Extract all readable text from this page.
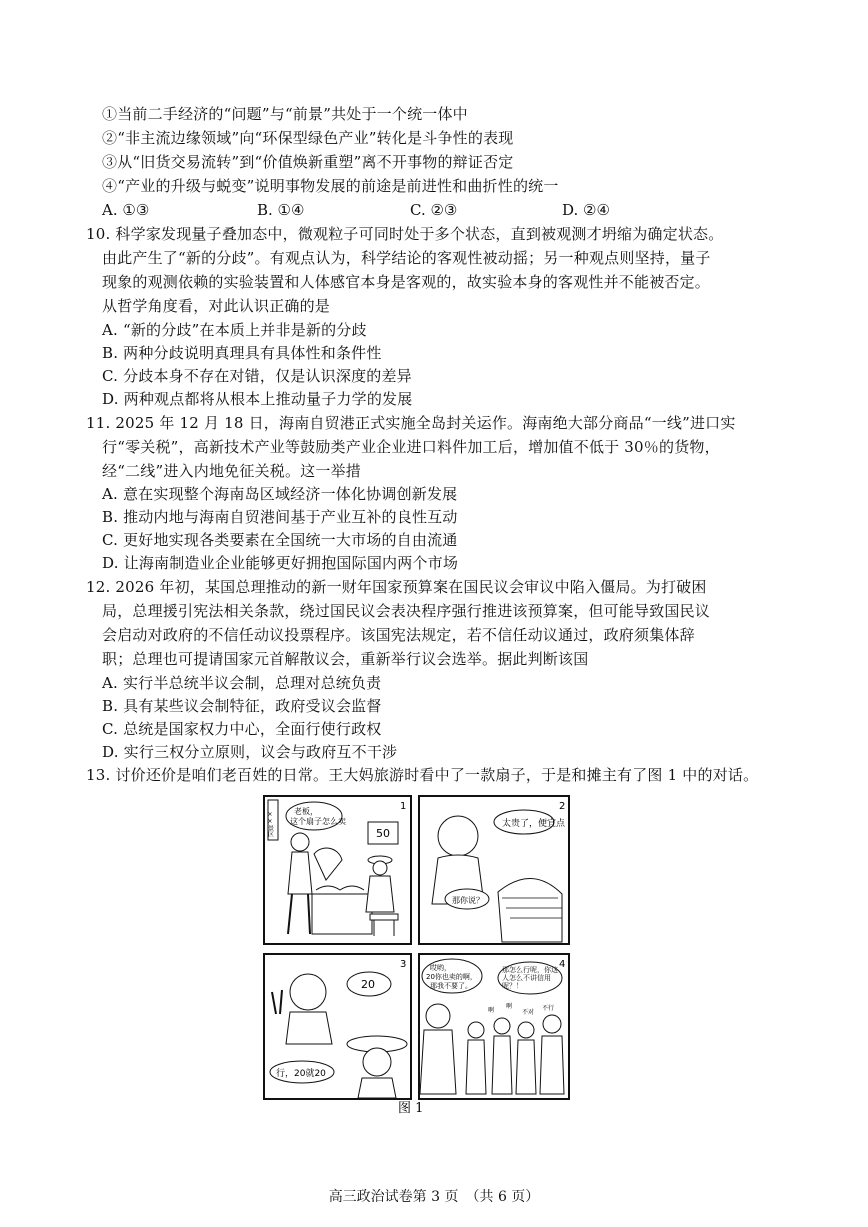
①当前二手经济的“问题”与“前景”共处于一个统一体中
②“非主流边缘领域”向“环保型绿色产业”转化是斗争性的表现
③从“旧货交易流转”到“价值焕新重塑”离不开事物的辩证否定
④“产业的升级与蜕变”说明事物发展的前途是前进性和曲折性的统一
A. ①③	B. ①④	C. ②③	D. ②④
10. 科学家发现量子叠加态中，微观粒子可同时处于多个状态，直到被观测才坍缩为确定状态。
由此产生了“新的分歧”。有观点认为，科学结论的客观性被动摇；另一种观点则坚持，量子
现象的观测依赖的实验装置和人体感官本身是客观的，故实验本身的客观性并不能被否定。
从哲学角度看，对此认识正确的是
A. “新的分歧”在本质上并非是新的分歧
B. 两种分歧说明真理具有具体性和条件性
C. 分歧本身不存在对错，仅是认识深度的差异
D. 两种观点都将从根本上推动量子力学的发展
11. 2025 年 12 月 18 日，海南自贸港正式实施全岛封关运作。海南绝大部分商品“一线”进口实
行“零关税”，高新技术产业等鼓励类产业企业进口料件加工后，增加值不低于 30％的货物，
经“二线”进入内地免征关税。这一举措
A. 意在实现整个海南岛区域经济一体化协调创新发展
B. 推动内地与海南自贸港间基于产业互补的良性互动
C. 更好地实现各类要素在全国统一大市场的自由流通
D. 让海南制造业企业能够更好拥抱国际国内两个市场
12. 2026 年初，某国总理推动的新一财年国家预算案在国民议会审议中陷入僵局。为打破困
局，总理援引宪法相关条款，绕过国民议会表决程序强行推进该预算案，但可能导致国民议
会启动对政府的不信任动议投票程序。该国宪法规定，若不信任动议通过，政府须集体辞
职；总理也可提请国家元首解散议会，重新举行议会选举。据此判断该国
A. 实行半总统半议会制，总理对总统负责
B. 具有某些议会制特征，政府受议会监督
C. 总统是国家权力中心，全面行使行政权
D. 实行三权分立原则，议会与政府互不干涉
1	2
3	4
××景区	老板，
这个扇子怎么卖
50
太贵了，便宜点
那你说？
20
行，20就20
哎哟，
20你也卖的啊，
那我不要了。
那怎么行呢，你这人怎么不讲信用呢？！
啊
啊
不对
不行
图 1
高三政治试卷第 3 页　（共 6 页）
13. 讨价还价是咱们老百姓的日常。王大妈旅游时看中了一款扇子，于是和摊主有了图 1 中的对话。
